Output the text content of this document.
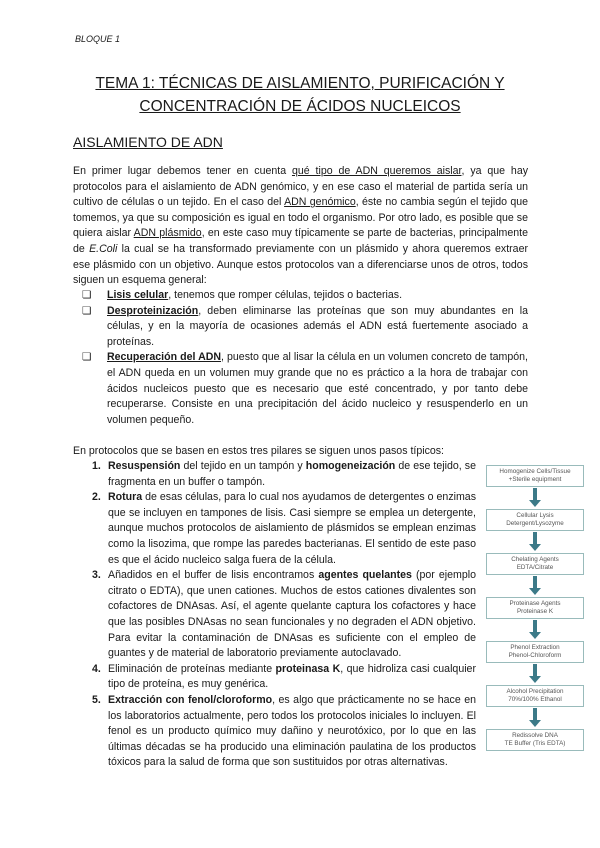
BLOQUE 1
TEMA 1: TÉCNICAS DE AISLAMIENTO, PURIFICACIÓN Y
CONCENTRACIÓN DE ÁCIDOS NUCLEICOS
AISLAMIENTO DE ADN
En primer lugar debemos tener en cuenta qué tipo de ADN queremos aislar, ya que hay protocolos para el aislamiento de ADN genómico, y en ese caso el material de partida sería un cultivo de células o un tejido. En el caso del ADN genómico, éste no cambia según el tejido que tomemos, ya que su composición es igual en todo el organismo. Por otro lado, es posible que se quiera aislar ADN plásmido, en este caso muy típicamente se parte de bacterias, principalmente de E.Coli la cual se ha transformado previamente con un plásmido y ahora queremos extraer ese plásmido con un objetivo. Aunque estos protocolos van a diferenciarse unos de otros, todos siguen un esquema general:
❏ Lisis celular, tenemos que romper células, tejidos o bacterias.
❏ Desproteinización, deben eliminarse las proteínas que son muy abundantes en la células, y en la mayoría de ocasiones además el ADN está fuertemente asociado a proteínas.
❏ Recuperación del ADN, puesto que al lisar la célula en un volumen concreto de tampón, el ADN queda en un volumen muy grande que no es práctico a la hora de trabajar con ácidos nucleicos puesto que es necesario que esté concentrado, y por tanto debe recuperarse. Consiste en una precipitación del ácido nucleico y resuspenderlo en un volumen pequeño.
En protocolos que se basen en estos tres pilares se siguen unos pasos típicos:
1. Resuspensión del tejido en un tampón y homogeneización de ese tejido, se fragmenta en un buffer o tampón.
2. Rotura de esas células, para lo cual nos ayudamos de detergentes o enzimas que se incluyen en tampones de lisis. Casi siempre se emplea un detergente, aunque muchos protocolos de aislamiento de plásmidos se emplean enzimas como la lisozima, que rompe las paredes bacterianas. El sentido de este paso es que el ácido nucleico salga fuera de la célula.
3. Añadidos en el buffer de lisis encontramos agentes quelantes (por ejemplo citrato o EDTA), que unen cationes. Muchos de estos cationes divalentes son cofactores de DNAsas. Así, el agente quelante captura los cofactores y hace que las posibles DNAsas no sean funcionales y no degraden el ADN objetivo. Para evitar la contaminación de DNAsas es suficiente con el empleo de guantes y de material de laboratorio previamente autoclavado.
4. Eliminación de proteínas mediante proteinasa K, que hidroliza casi cualquier tipo de proteína, es muy genérica.
5. Extracción con fenol/cloroformo, es algo que prácticamente no se hace en los laboratorios actualmente, pero todos los protocolos iniciales lo incluyen. El fenol es un producto químico muy dañino y neurotóxico, por lo que en las últimas décadas se ha producido una eliminación paulatina de los productos tóxicos para la salud de forma que son sustituidos por otras alternativas.
Homogenize Cells/Tissue
+Sterile equipment
Cellular Lysis
Detergent/Lysozyme
Chelating Agents
EDTA/Citrate
Proteinase Agents
Proteinase K
Phenol Extraction
Phenol-Chloroform
Alcohol Precipitation
70%/100% Ethanol
Redissolve DNA
TE Buffer (Tris EDTA)
